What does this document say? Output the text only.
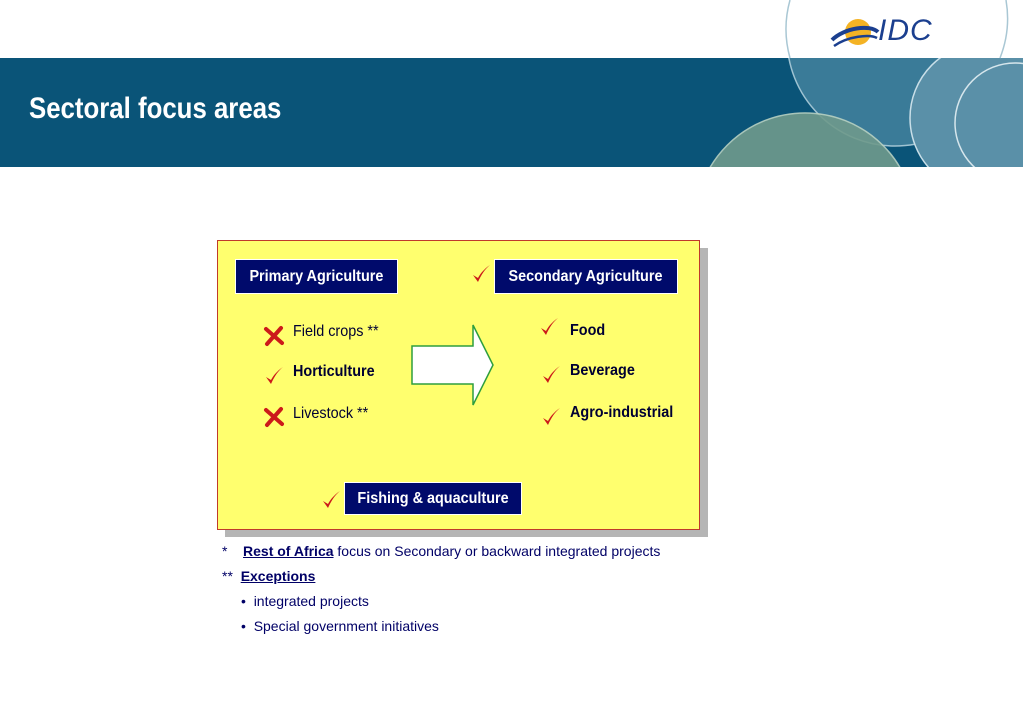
Sectoral focus areas
IDC
Primary Agriculture	Secondary Agriculture
Fishing & aquaculture
Field crops **
Horticulture
Livestock **
Food
Beverage
Agro-industrial
* Rest of Africa focus on Secondary or backward integrated projects
** Exceptions
• integrated projects
• Special government initiatives
